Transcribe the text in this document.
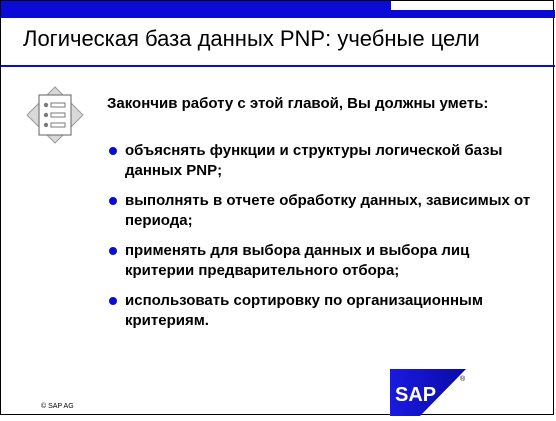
Логическая база данных PNP: учебные цели
Закончив работу с этой главой, Вы должны уметь:
объяснять функции и структуры логической базы данных PNP;
выполнять в отчете обработку данных, зависимых от периода;
применять для выбора данных и выбора лиц критерии предварительного отбора;
использовать сортировку по организационным критериям.
© SAP AG
SAP
®
